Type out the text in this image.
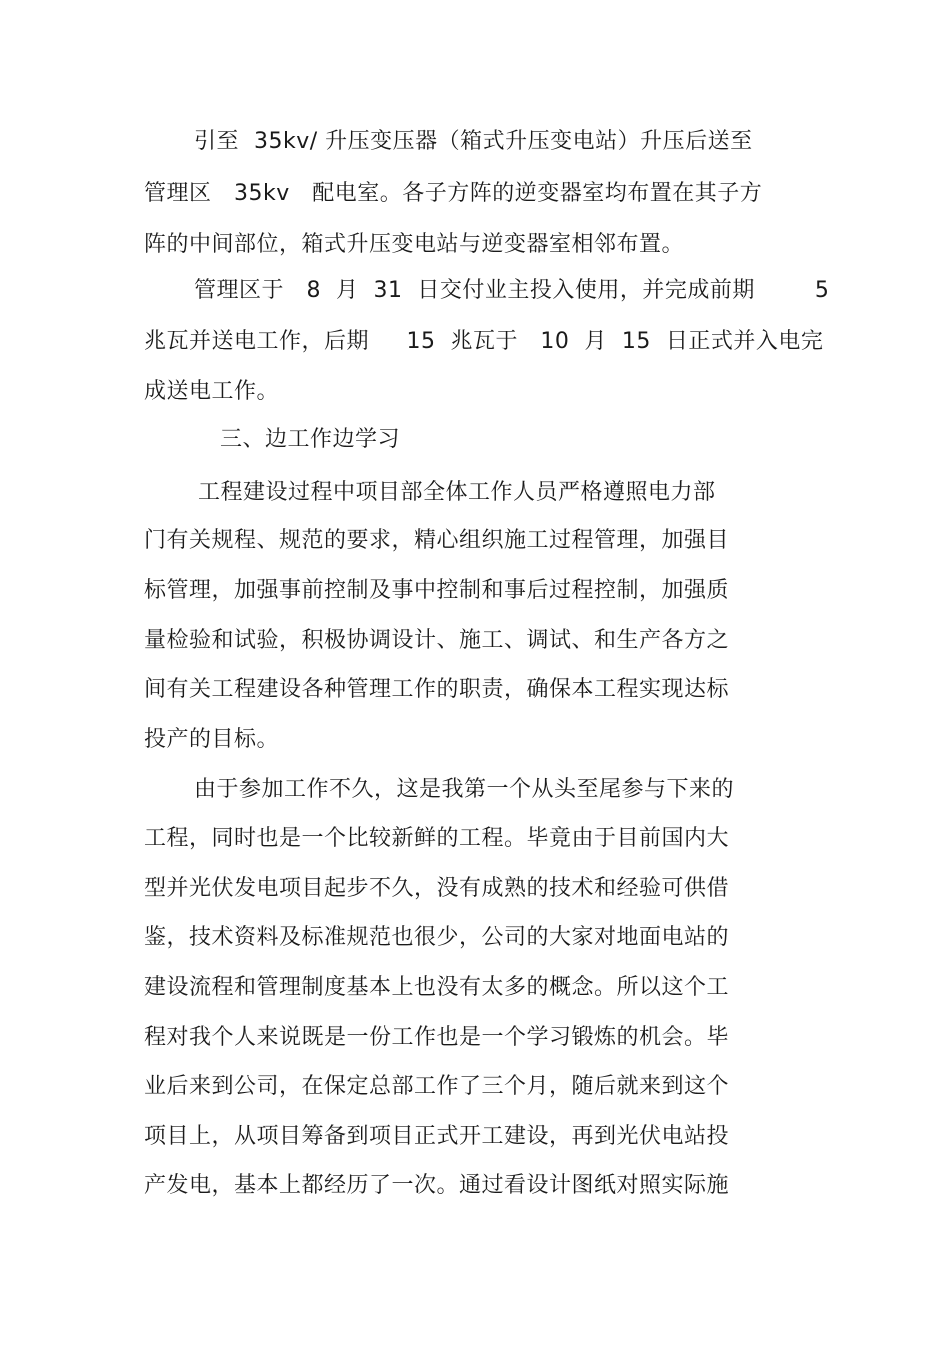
引至  35kv/ 升压变压器（箱式升压变电站）升压后送至
管理区   35kv   配电室。各子方阵的逆变器室均布置在其子方
阵的中间部位，箱式升压变电站与逆变器室相邻布置。
管理区于   8  月  31  日交付业主投入使用，并完成前期        5
兆瓦并送电工作，后期     15  兆瓦于   10  月  15  日正式并入电完
成送电工作。
三、边工作边学习
工程建设过程中项目部全体工作人员严格遵照电力部
门有关规程、规范的要求，精心组织施工过程管理，加强目
标管理，加强事前控制及事中控制和事后过程控制，加强质
量检验和试验，积极协调设计、施工、调试、和生产各方之
间有关工程建设各种管理工作的职责，确保本工程实现达标
投产的目标。
由于参加工作不久，这是我第一个从头至尾参与下来的
工程，同时也是一个比较新鲜的工程。毕竟由于目前国内大
型并光伏发电项目起步不久，没有成熟的技术和经验可供借
鉴，技术资料及标准规范也很少，公司的大家对地面电站的
建设流程和管理制度基本上也没有太多的概念。所以这个工
程对我个人来说既是一份工作也是一个学习锻炼的机会。毕
业后来到公司，在保定总部工作了三个月，随后就来到这个
项目上，从项目筹备到项目正式开工建设，再到光伏电站投
产发电，基本上都经历了一次。通过看设计图纸对照实际施
